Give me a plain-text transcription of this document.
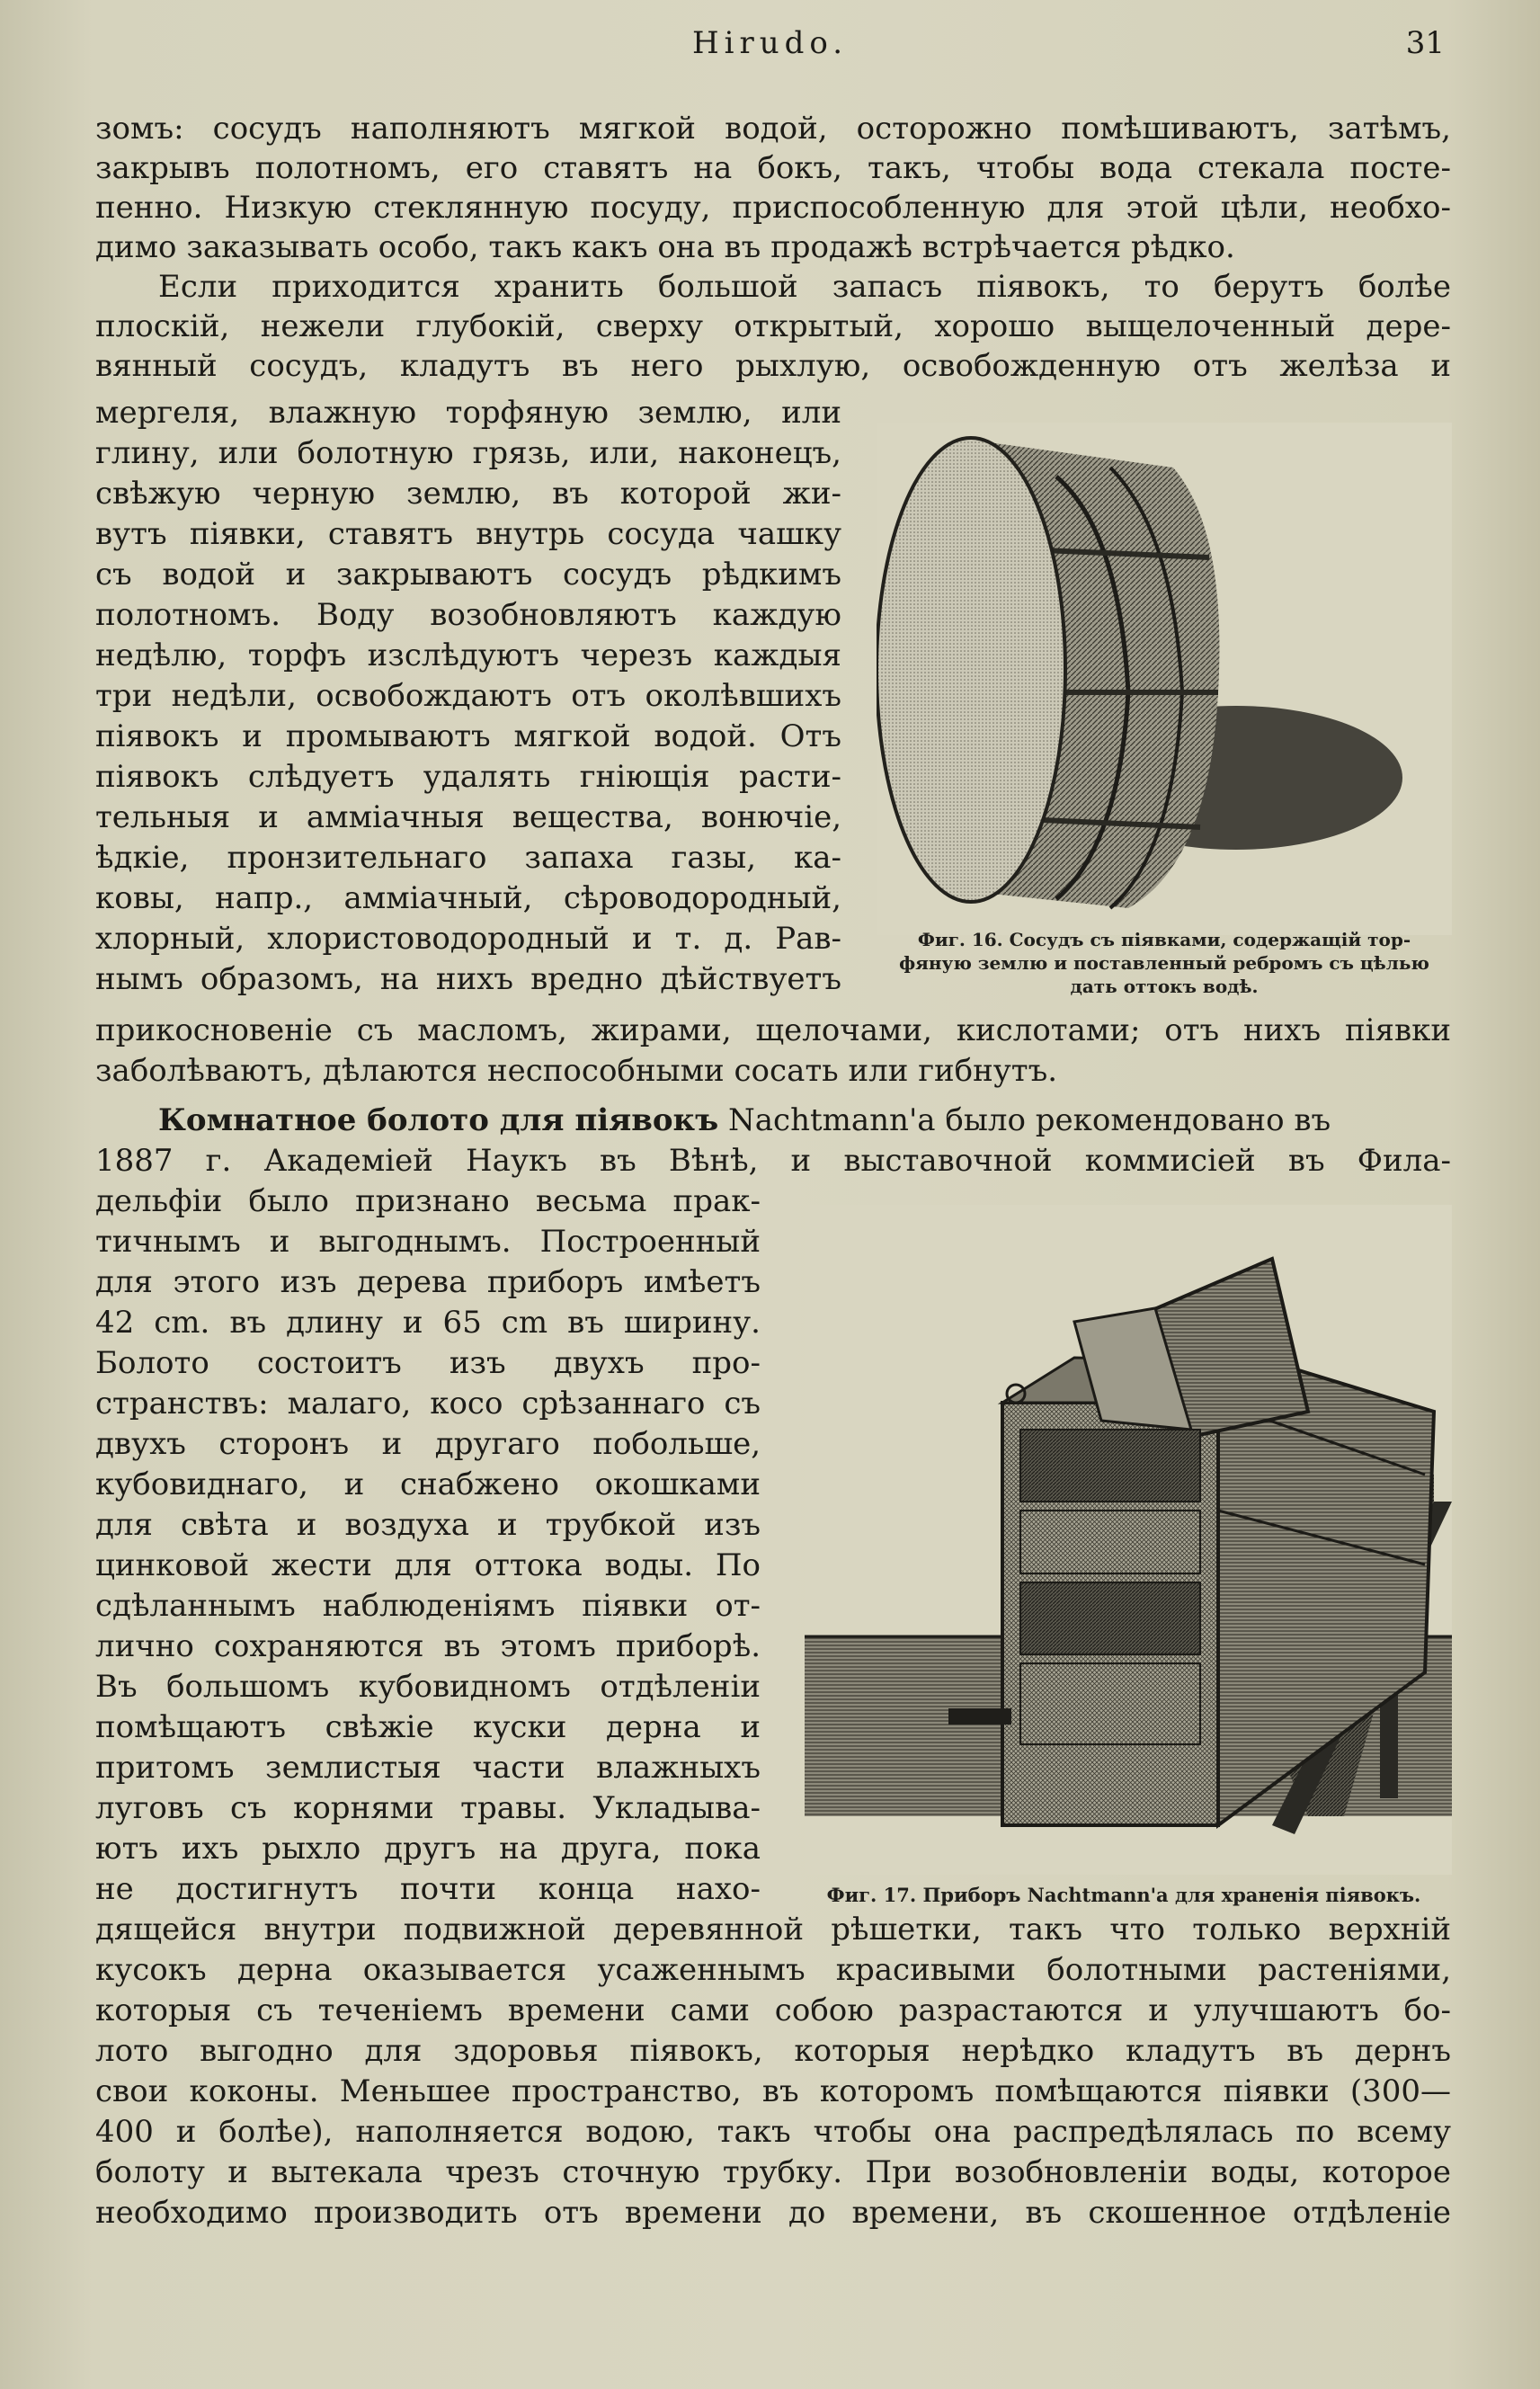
Hirudo.	31
зомъ: сосудъ наполняютъ мягкой водой, осторожно помѣшиваютъ, затѣмъ,
закрывъ полотномъ, его ставятъ на бокъ, такъ, чтобы вода стекала посте-
пенно. Низкую стеклянную посуду, приспособленную для этой цѣли, необхо-
димо заказывать особо, такъ какъ она въ продажѣ встрѣчается рѣдко.
Если приходится хранить большой запасъ піявокъ, то берутъ болѣе
плоскій, нежели глубокій, сверху открытый, хорошо выщелоченный дере-
вянный сосудъ, кладутъ въ него рыхлую, освобожденную отъ желѣза и
мергеля, влажную торфяную землю, или
глину, или болотную грязь, или, наконецъ,
свѣжую черную землю, въ которой жи-
вутъ піявки, ставятъ внутрь сосуда чашку
съ водой и закрываютъ сосудъ рѣдкимъ
полотномъ. Воду возобновляютъ каждую
недѣлю, торфъ изслѣдуютъ черезъ каждыя
три недѣли, освобождаютъ отъ околѣвшихъ
піявокъ и промываютъ мягкой водой. Отъ
піявокъ слѣдуетъ удалять гніющія расти-
тельныя и амміачныя вещества, вонючіе,
ѣдкіе, пронзительнаго запаха газы, ка-
ковы, напр., амміачный, сѣроводородный,
хлорный, хлористоводородный и т. д. Рав-
нымъ образомъ, на нихъ вредно дѣйствуетъ
Фиг. 16. Сосудъ съ піявками, содержащій тор-
фяную землю и поставленный ребромъ съ цѣлью
дать оттокъ водѣ.
прикосновеніе съ масломъ, жирами, щелочами, кислотами; отъ нихъ піявки
заболѣваютъ, дѣлаются неспособными сосать или гибнутъ.
Комнатное болото для піявокъ Nachtmann'a было рекомендовано въ
1887 г. Академіей Наукъ въ Вѣнѣ, и выставочной коммисіей въ Фила-
дельфіи было признано весьма прак-
тичнымъ и выгоднымъ. Построенный
для этого изъ дерева приборъ имѣетъ
42 cm. въ длину и 65 cm въ ширину.
Болото состоитъ изъ двухъ про-
странствъ: малаго, косо срѣзаннаго съ
двухъ сторонъ и другаго побольше,
кубовиднаго, и снабжено окошками
для свѣта и воздуха и трубкой изъ
цинковой жести для оттока воды. По
сдѣланнымъ наблюденіямъ піявки от-
лично сохраняются въ этомъ приборѣ.
Въ большомъ кубовидномъ отдѣленіи
помѣщаютъ свѣжіе куски дерна и
притомъ землистыя части влажныхъ
луговъ съ корнями травы. Укладыва-
ютъ ихъ рыхло другъ на друга, пока
не достигнутъ почти конца нахо-	Фиг. 17. Приборъ Nachtmann'a для храненія піявокъ.
дящейся внутри подвижной деревянной рѣшетки, такъ что только верхній
кусокъ дерна оказывается усаженнымъ красивыми болотными растеніями,
которыя съ теченіемъ времени сами собою разрастаются и улучшаютъ бо-
лото выгодно для здоровья піявокъ, которыя нерѣдко кладутъ въ дернъ
свои коконы. Меньшее пространство, въ которомъ помѣщаются піявки (300—
400 и болѣе), наполняется водою, такъ чтобы она распредѣлялась по всему
болоту и вытекала чрезъ сточную трубку. При возобновленіи воды, которое
необходимо производить отъ времени до времени, въ скошенное отдѣленіе
